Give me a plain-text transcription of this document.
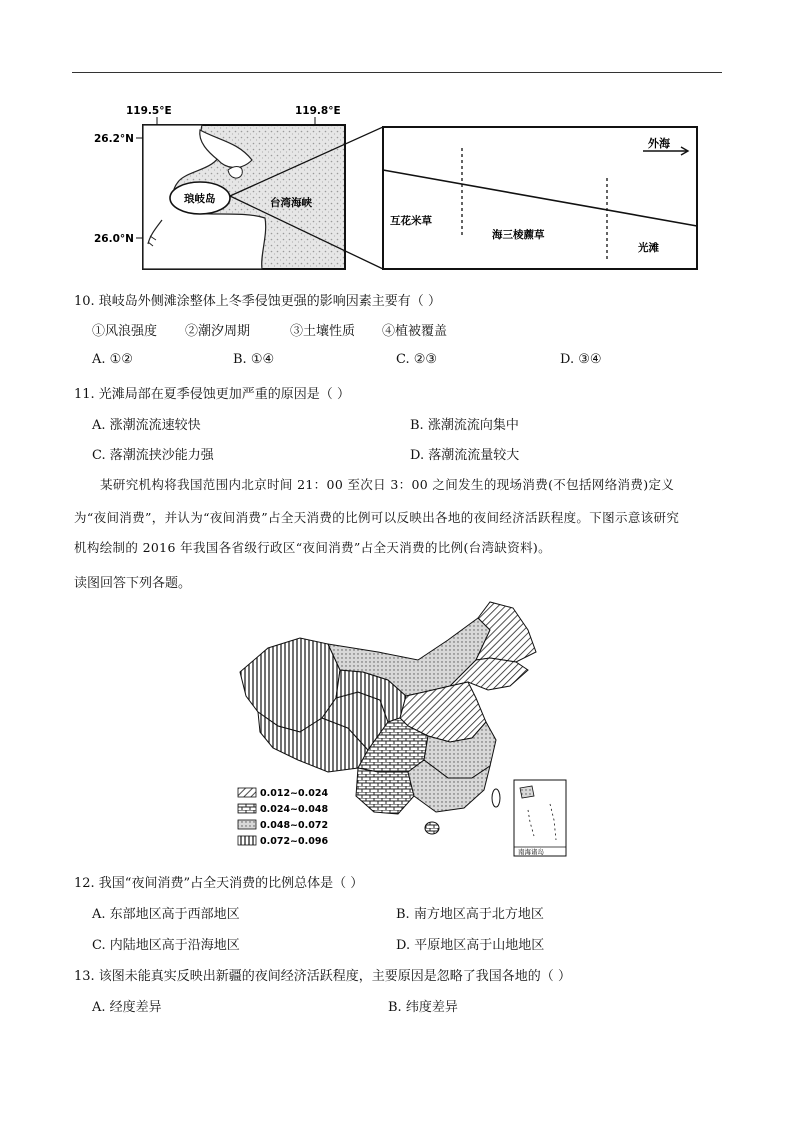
119.5°E	119.8°E
26.2°N
26.0°N
琅岐岛	台湾海峡
外海
互花米草
海三棱藨草
光滩
10. 琅岐岛外侧滩涂整体上冬季侵蚀更强的影响因素主要有（ ）
①风浪强度 ②潮汐周期	③土壤性质 ④植被覆盖
A. ①②	B. ①④	C. ②③	D. ③④
11. 光滩局部在夏季侵蚀更加严重的原因是（ ）
A. 涨潮流流速较快	B. 涨潮流流向集中
C. 落潮流挟沙能力强	D. 落潮流流量较大
某研究机构将我国范围内北京时间 21：00 至次日 3：00 之间发生的现场消费(不包括网络消费)定义
为“夜间消费”，并认为“夜间消费”占全天消费的比例可以反映出各地的夜间经济活跃程度。下图示意该研究
机构绘制的 2016 年我国各省级行政区“夜间消费”占全天消费的比例(台湾缺资料)。
读图回答下列各题。
南海诸岛
0.012~0.024
0.024~0.048
0.048~0.072
0.072~0.096
12. 我国“夜间消费”占全天消费的比例总体是（ ）
A. 东部地区高于西部地区	B. 南方地区高于北方地区
C. 内陆地区高于沿海地区	D. 平原地区高于山地地区
13. 该图未能真实反映出新疆的夜间经济活跃程度，主要原因是忽略了我国各地的（ ）
A. 经度差异	B. 纬度差异
